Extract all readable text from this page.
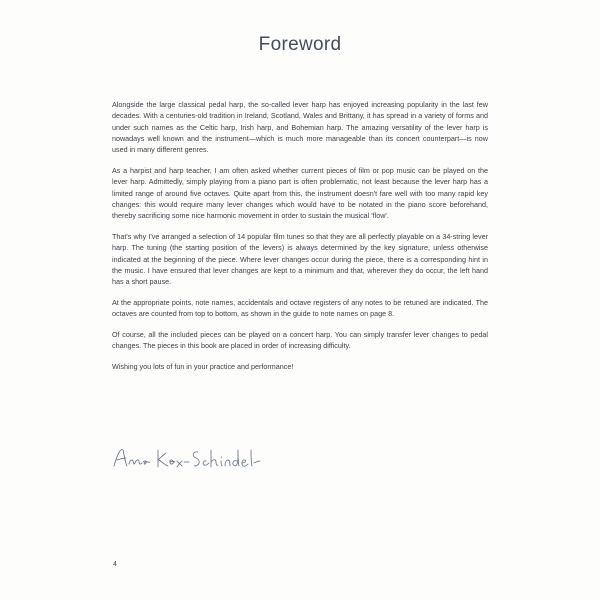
Foreword

Alongside the large classical pedal harp, the so-called lever harp has enjoyed increasing popularity in the last few decades. With a centuries-old tradition in Ireland, Scotland, Wales and Brittany, it has spread in a variety of forms and under such names as the Celtic harp, Irish harp, and Bohemian harp. The amazing versatility of the lever harp is nowadays well known and the instrument—which is much more manageable than its concert counterpart—is now used in many different genres.

As a harpist and harp teacher, I am often asked whether current pieces of film or pop music can be played on the lever harp. Admittedly, simply playing from a piano part is often problematic, not least because the lever harp has a limited range of around five octaves. Quite apart from this, the instrument doesn't fare well with too many rapid key changes: this would require many lever changes which would have to be notated in the piano score beforehand, thereby sacrificing some nice harmonic movement in order to sustain the musical 'flow'.

That's why I've arranged a selection of 14 popular film tunes so that they are all perfectly playable on a 34-string lever harp. The tuning (the starting position of the levers) is always determined by the key signature, unless otherwise indicated at the beginning of the piece. Where lever changes occur during the piece, there is a corresponding hint in the music. I have ensured that lever changes are kept to a minimum and that, wherever they do occur, the left hand has a short pause.

At the appropriate points, note names, accidentals and octave registers of any notes to be retuned are indicated. The octaves are counted from top to bottom, as shown in the guide to note names on page 8.

Of course, all the included pieces can be played on a concert harp. You can simply transfer lever changes to pedal changes. The pieces in this book are placed in order of increasing difficulty.

Wishing you lots of fun in your practice and performance!

4
